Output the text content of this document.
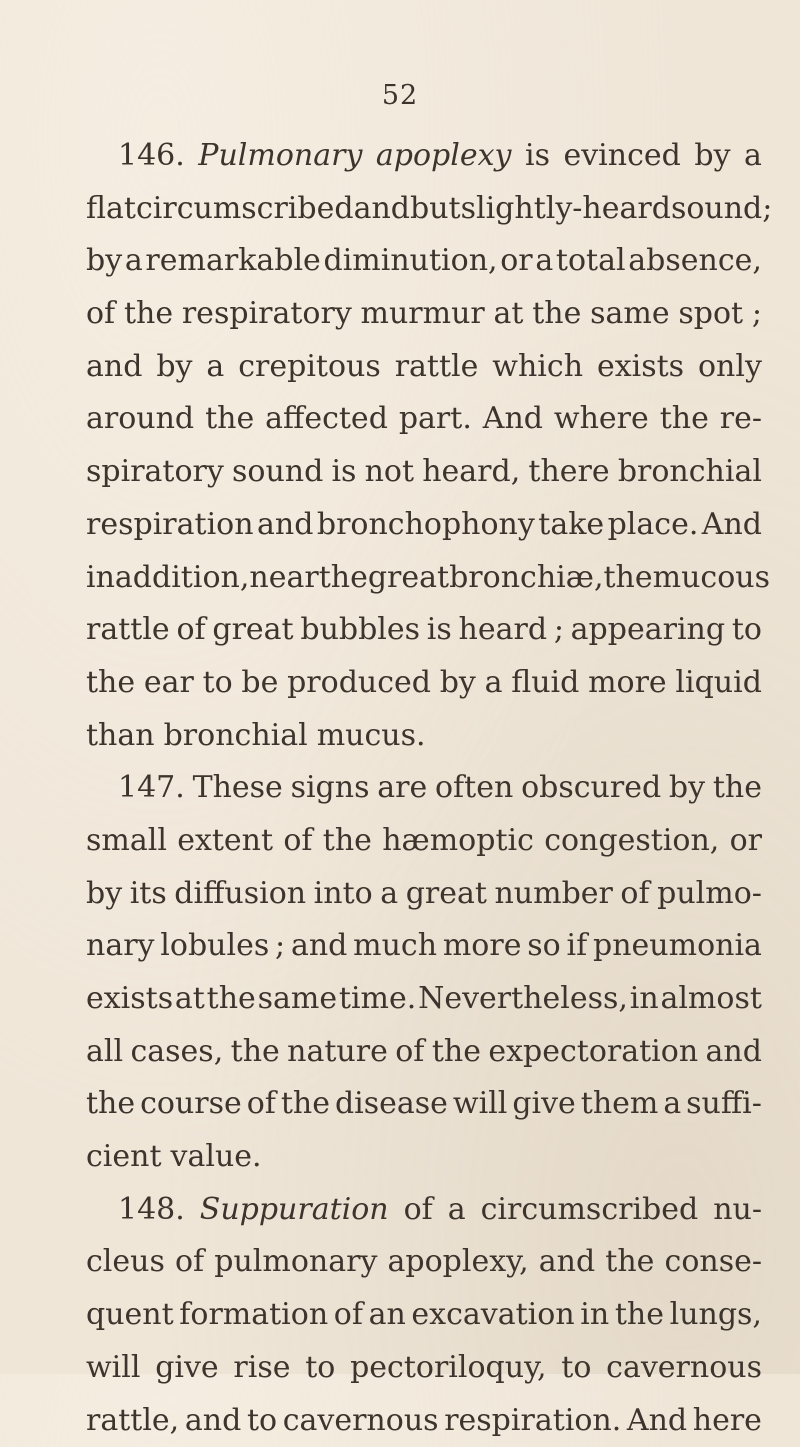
52
146. Pulmonary apoplexy is evinced by a
flat circumscribed and but slightly-heard sound ;
by a remarkable diminution, or a total absence,
of the respiratory murmur at the same spot ;
and by a crepitous rattle which exists only
around the affected part. And where the re-
spiratory sound is not heard, there bronchial
respiration and bronchophony take place. And
in addition, near the great bronchiæ, the mucous
rattle of great bubbles is heard ; appearing to
the ear to be produced by a fluid more liquid
than bronchial mucus.
147. These signs are often obscured by the
small extent of the hæmoptic congestion, or
by its diffusion into a great number of pulmo-
nary lobules ; and much more so if pneumonia
exists at the same time. Nevertheless, in almost
all cases, the nature of the expectoration and
the course of the disease will give them a suffi-
cient value.
148. Suppuration of a circumscribed nu-
cleus of pulmonary apoplexy, and the conse-
quent formation of an excavation in the lungs,
will give rise to pectoriloquy, to cavernous
rattle, and to cavernous respiration. And here
